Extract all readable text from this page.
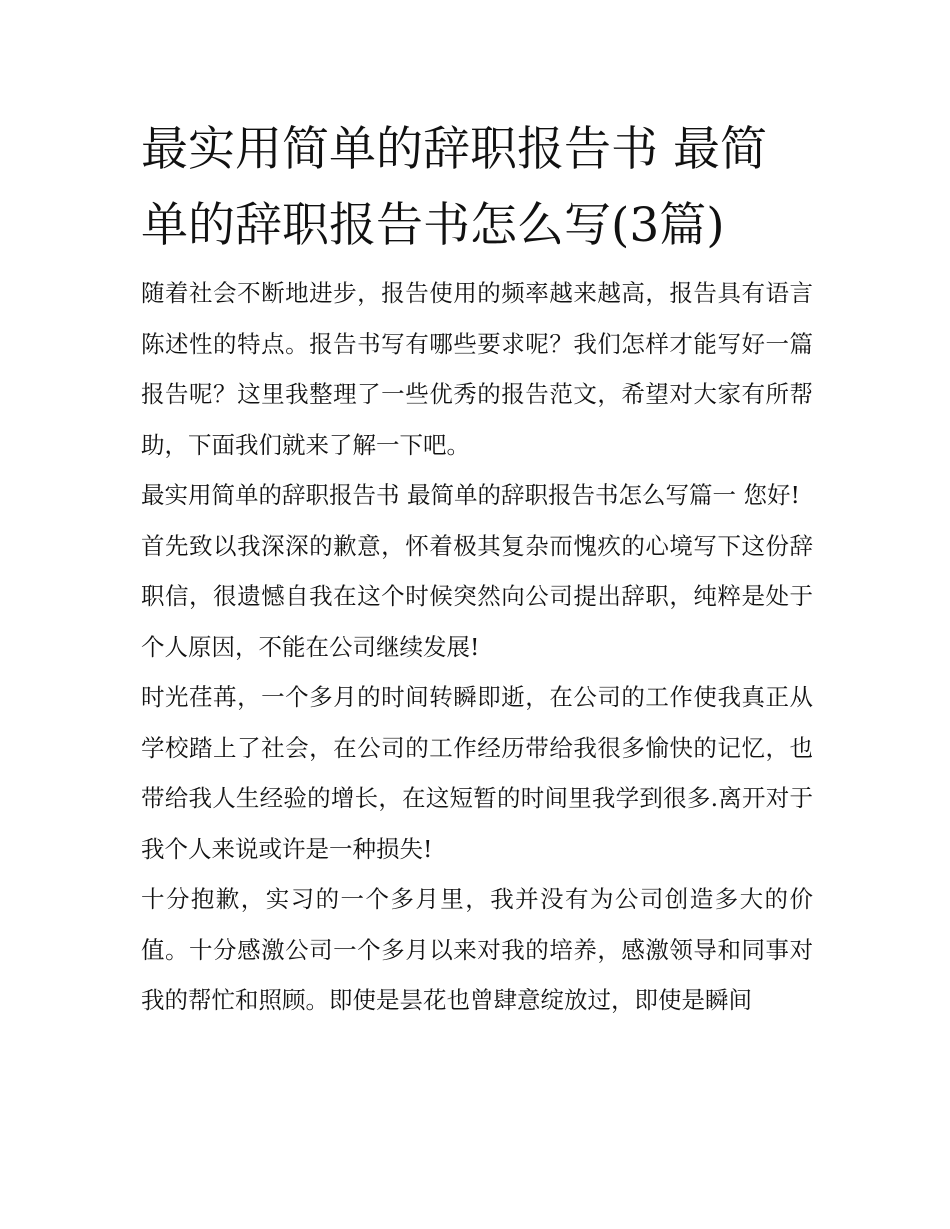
最实用简单的辞职报告书 最简单的辞职报告书怎么写(3篇)

随着社会不断地进步，报告使用的频率越来越高，报告具有语言陈述性的特点。报告书写有哪些要求呢？我们怎样才能写好一篇报告呢？这里我整理了一些优秀的报告范文，希望对大家有所帮助，下面我们就来了解一下吧。

最实用简单的辞职报告书 最简单的辞职报告书怎么写篇一 您好!

首先致以我深深的歉意，怀着极其复杂而愧疚的心境写下这份辞职信，很遗憾自我在这个时候突然向公司提出辞职，纯粹是处于个人原因，不能在公司继续发展!

时光荏苒，一个多月的时间转瞬即逝，在公司的工作使我真正从学校踏上了社会，在公司的工作经历带给我很多愉快的记忆，也带给我人生经验的增长，在这短暂的时间里我学到很多.离开对于我个人来说或许是一种损失!

十分抱歉，实习的一个多月里，我并没有为公司创造多大的价值。十分感激公司一个多月以来对我的培养，感激领导和同事对我的帮忙和照顾。即使是昙花也曾肆意绽放过，即使是瞬间
